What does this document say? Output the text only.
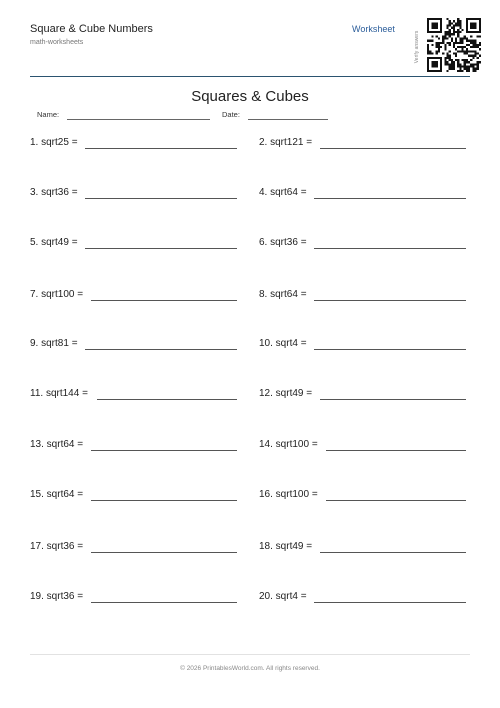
Square & Cube Numbers
math-worksheets
Worksheet
Verify answers
Squares & Cubes
Name:	Date:
1. sqrt25 =	2. sqrt121 =
3. sqrt36 =	4. sqrt64 =
5. sqrt49 =	6. sqrt36 =
7. sqrt100 =	8. sqrt64 =
9. sqrt81 =	10. sqrt4 =
11. sqrt144 =	12. sqrt49 =
13. sqrt64 =	14. sqrt100 =
15. sqrt64 =	16. sqrt100 =
17. sqrt36 =	18. sqrt49 =
19. sqrt36 =	20. sqrt4 =
© 2026 PrintablesWorld.com. All rights reserved.
